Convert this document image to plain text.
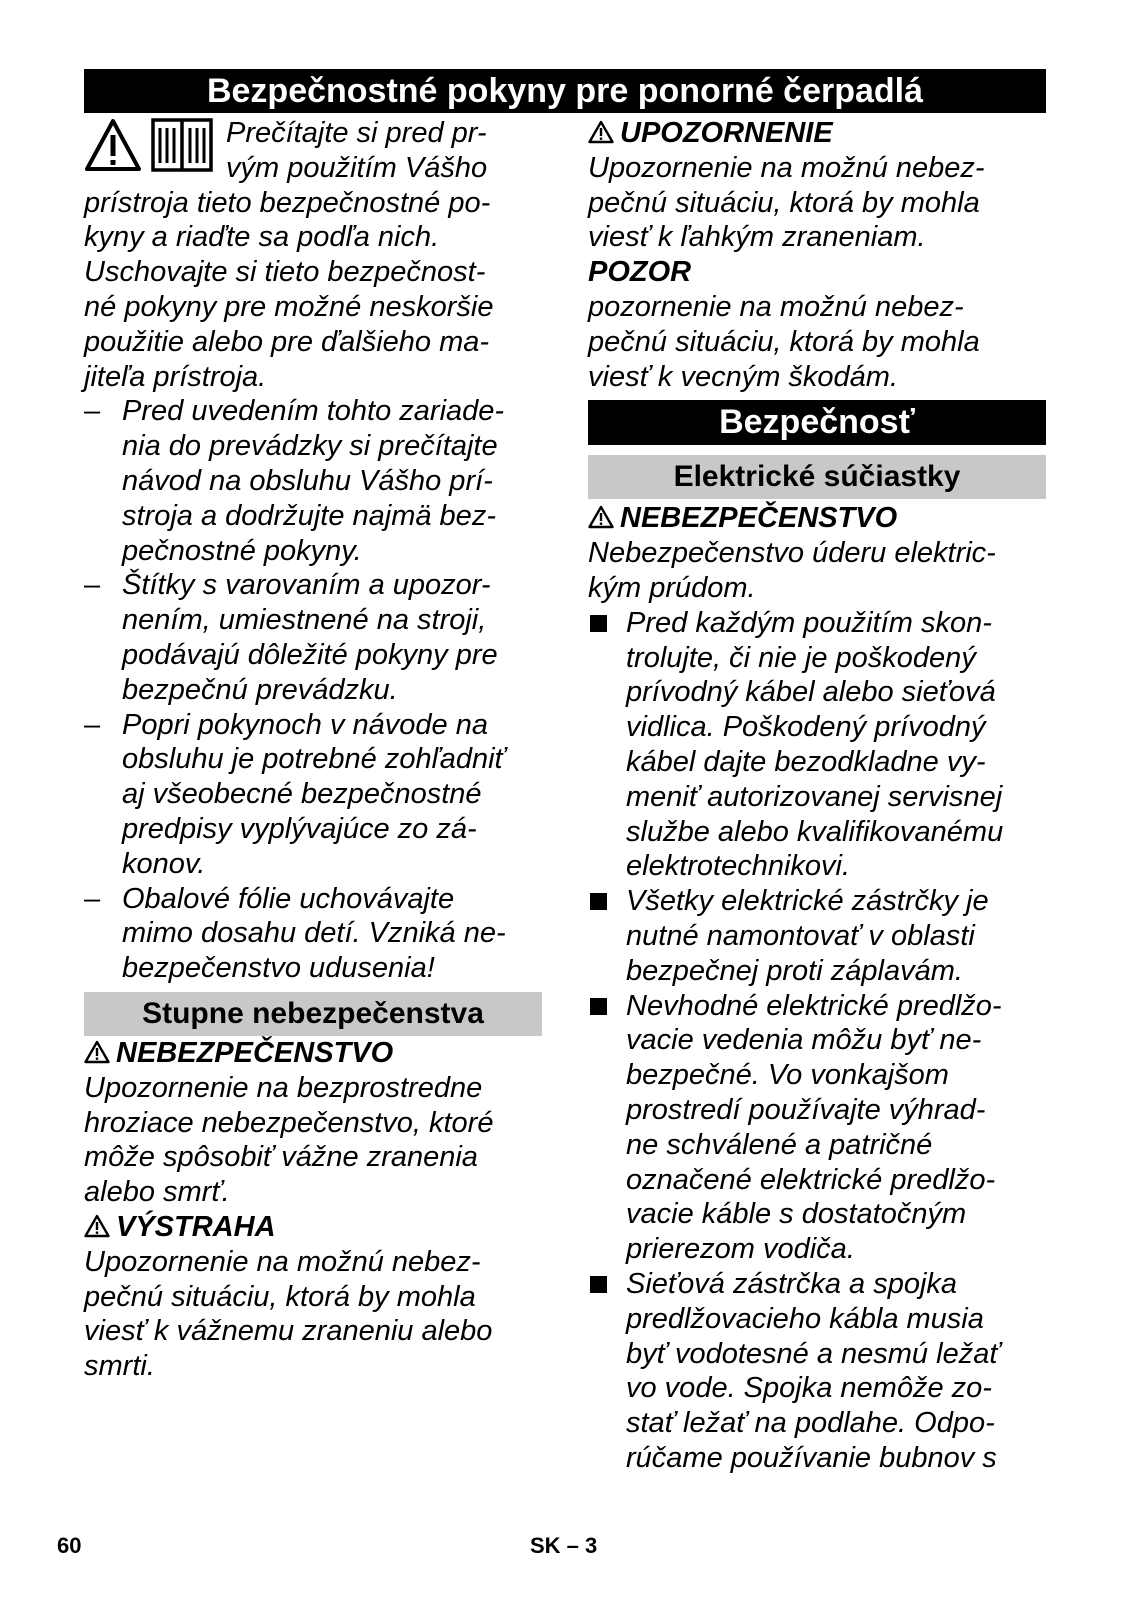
Bezpečnostné pokyny pre ponorné čerpadlá

Prečítajte si pred pr-
vým použitím Vášho
prístroja tieto bezpečnostné po-
kyny a riaďte sa podľa nich.

Uschovajte si tieto bezpečnost-
né pokyny pre možné neskoršie
použitie alebo pre ďalšieho ma-
jiteľa prístroja.

– Pred uvedením tohto zariade-
nia do prevádzky si prečítajte
návod na obsluhu Vášho prí-
stroja a dodržujte najmä bez-
pečnostné pokyny.
– Štítky s varovaním a upozor-
nením, umiestnené na stroji,
podávajú dôležité pokyny pre
bezpečnú prevádzku.
– Popri pokynoch v návode na
obsluhu je potrebné zohľadniť
aj všeobecné bezpečnostné
predpisy vyplývajúce zo zá-
konov.
– Obalové fólie uchovávajte
mimo dosahu detí. Vzniká ne-
bezpečenstvo udusenia!
Stupne nebezpečenstva

NEBEZPEČENSTVO

Upozornenie na bezprostredne
hroziace nebezpečenstvo, ktoré
môže spôsobiť vážne zranenia
alebo smrť.

VÝSTRAHA

Upozornenie na možnú nebez-
pečnú situáciu, ktorá by mohla
viesť k vážnemu zraneniu alebo
smrti.

UPOZORNENIE

Upozornenie na možnú nebez-
pečnú situáciu, ktorá by mohla
viesť k ľahkým zraneniam.

POZOR

pozornenie na možnú nebez-
pečnú situáciu, ktorá by mohla
viesť k vecným škodám.

Bezpečnosť
Elektrické súčiastky

NEBEZPEČENSTVO

Nebezpečenstvo úderu elektric-
kým prúdom.

Pred každým použitím skon-
trolujte, či nie je poškodený
prívodný kábel alebo sieťová
vidlica. Poškodený prívodný
kábel dajte bezodkladne vy-
meniť autorizovanej servisnej
službe alebo kvalifikovanému
elektrotechnikovi.
Všetky elektrické zástrčky je
nutné namontovať v oblasti
bezpečnej proti záplavám.
Nevhodné elektrické predlžo-
vacie vedenia môžu byť ne-
bezpečné. Vo vonkajšom
prostredí používajte výhrad-
ne schválené a patričné
označené elektrické predlžo-
vacie káble s dostatočným
prierezom vodiča.
Sieťová zástrčka a spojka
predlžovacieho kábla musia
byť vodotesné a nesmú ležať
vo vode. Spojka nemôže zo-
stať ležať na podlahe. Odpo-
rúčame používanie bubnov s
60	SK – 3
